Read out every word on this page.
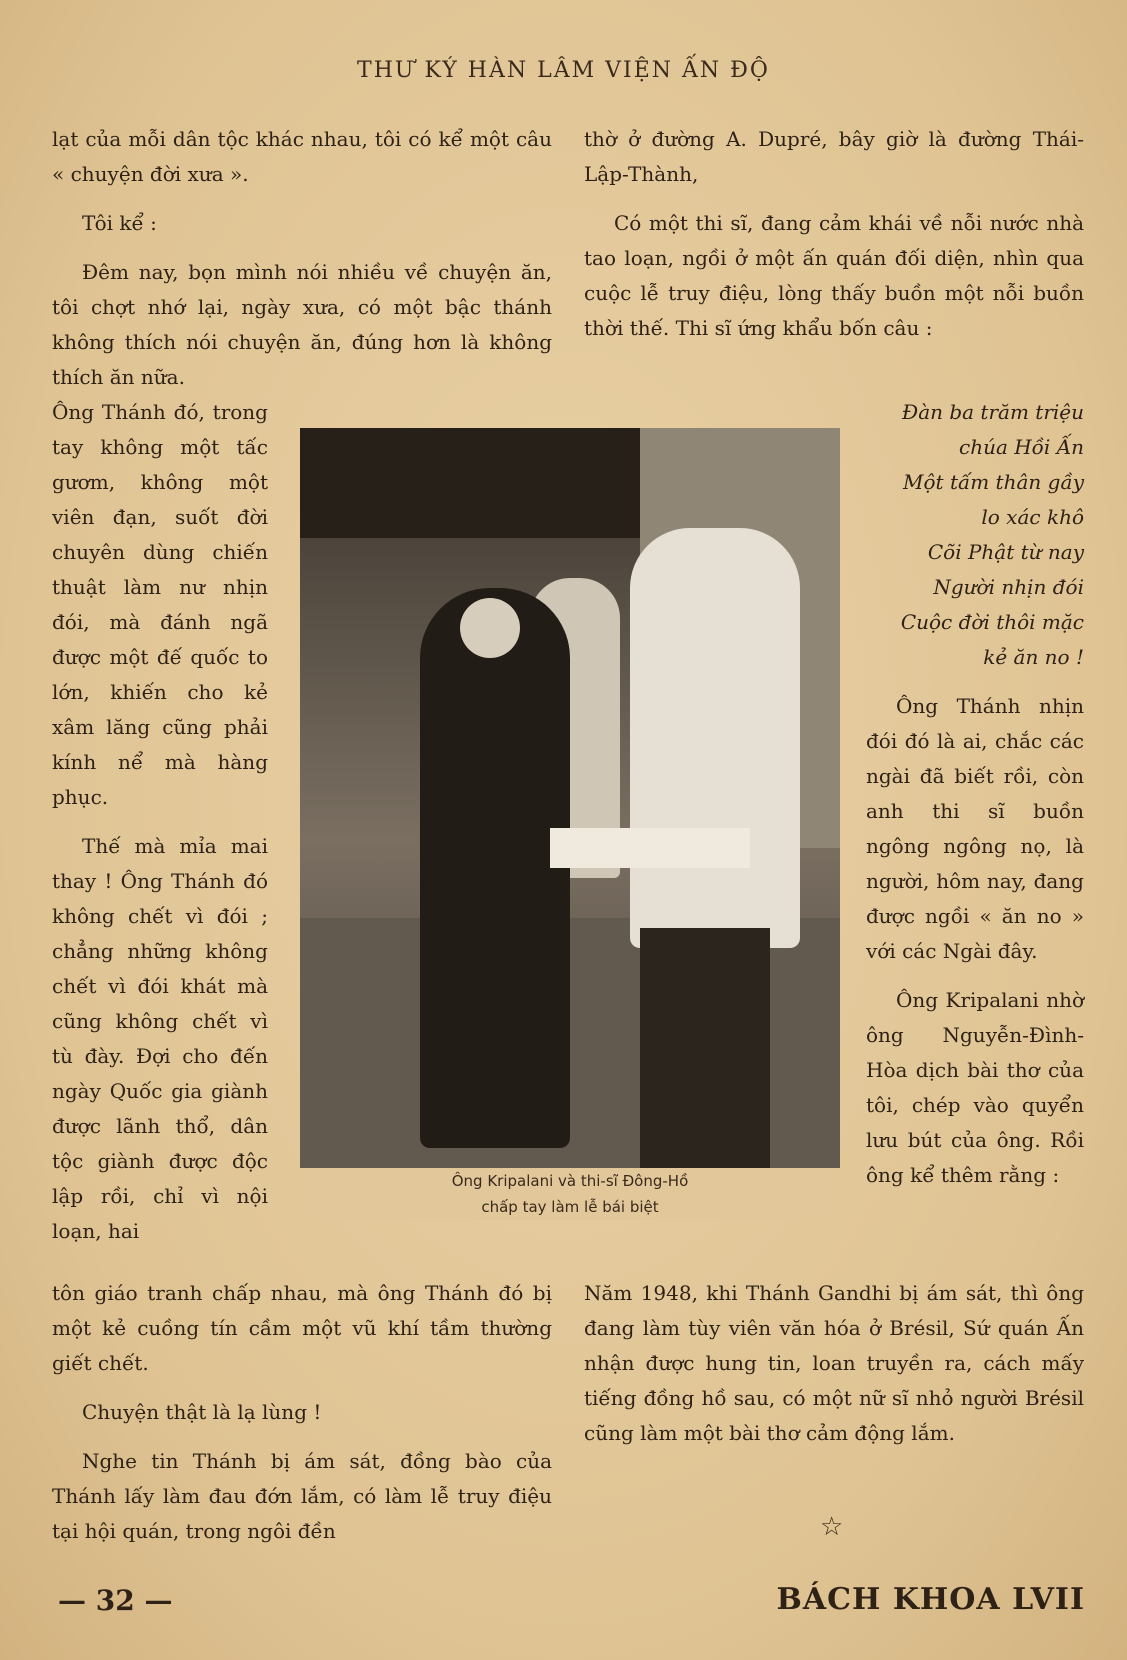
THƯ KÝ HÀN LÂM VIỆN ẤN ĐỘ

lạt của mỗi dân tộc khác nhau, tôi có kể một câu « chuyện đời xưa ».

Tôi kể :

Đêm nay, bọn mình nói nhiều về chuyện ăn, tôi chợt nhớ lại, ngày xưa, có một bậc thánh không thích nói chuyện ăn, đúng hơn là không thích ăn nữa.

thờ ở đường A. Dupré, bây giờ là đường Thái-Lập-Thành,

Có một thi sĩ, đang cảm khái về nỗi nước nhà tao loạn, ngồi ở một ấn quán đối diện, nhìn qua cuộc lễ truy điệu, lòng thấy buồn một nỗi buồn thời thế. Thi sĩ ứng khẩu bốn câu :

Ông Kripalani và thi-sĩ Đông-Hồ
chấp tay làm lễ bái biệt

Ông Thánh đó, trong tay không một tấc gươm, không một viên đạn, suốt đời chuyên dùng chiến thuật làm nư nhịn đói, mà đánh ngã được một đế quốc to lớn, khiến cho kẻ xâm lăng cũng phải kính nể mà hàng phục.

Thế mà mỉa mai thay ! Ông Thánh đó không chết vì đói ; chẳng những không chết vì đói khát mà cũng không chết vì tù đày. Đợi cho đến ngày Quốc gia giành được lãnh thổ, dân tộc giành được độc lập rồi, chỉ vì nội loạn, hai

Đàn ba trăm triệu

chúa Hồi Ấn

Một tấm thân gầy

lo xác khô

Cõi Phật từ nay

Người nhịn đói

Cuộc đời thôi mặc

kẻ ăn no !

Ông Thánh nhịn đói đó là ai, chắc các ngài đã biết rồi, còn anh thi sĩ buồn ngông ngông nọ, là người, hôm nay, đang được ngồi « ăn no » với các Ngài đây.

Ông Kripalani nhờ ông Nguyễn-Đình-Hòa dịch bài thơ của tôi, chép vào quyển lưu bút của ông. Rồi ông kể thêm rằng :

tôn giáo tranh chấp nhau, mà ông Thánh đó bị một kẻ cuồng tín cầm một vũ khí tầm thường giết chết.

Chuyện thật là lạ lùng !

Nghe tin Thánh bị ám sát, đồng bào của Thánh lấy làm đau đớn lắm, có làm lễ truy điệu tại hội quán, trong ngôi đền

Năm 1948, khi Thánh Gandhi bị ám sát, thì ông đang làm tùy viên văn hóa ở Brésil, Sứ quán Ấn nhận được hung tin, loan truyền ra, cách mấy tiếng đồng hồ sau, có một nữ sĩ nhỏ người Brésil cũng làm một bài thơ cảm động lắm.

☆
— 32 —	BÁCH KHOA LVII
